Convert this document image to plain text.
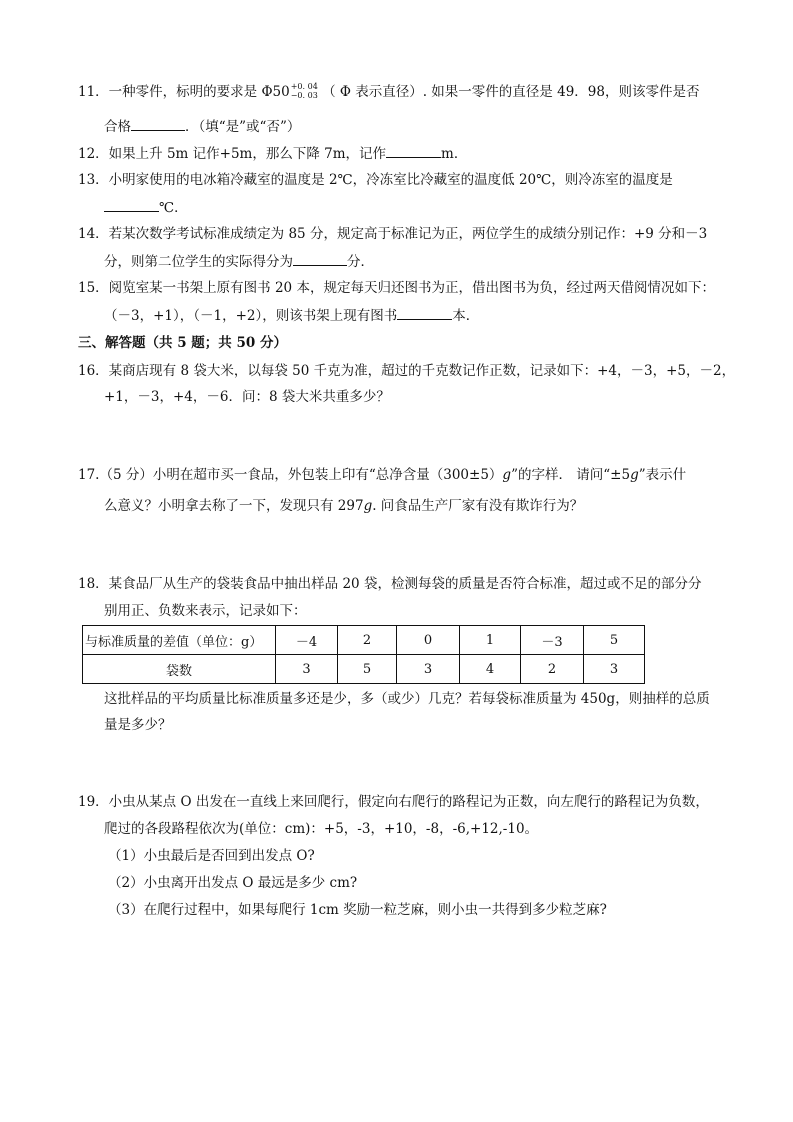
11．一种零件，标明的要求是 Φ50 +0. 04
−0. 03 （ Φ 表示直径）. 如果一零件的直径是 49．98，则该零件是否
合格	．（填“是”或“否”）
12．如果上升 5m 记作+5m，那么下降 7m，记作	m．
13．小明家使用的电冰箱冷藏室的温度是 2℃，冷冻室比冷藏室的温度低 20℃，则冷冻室的温度是
℃．
14．若某次数学考试标准成绩定为 85 分，规定高于标准记为正，两位学生的成绩分别记作：+9 分和－3
分，则第二位学生的实际得分为	分．
15．阅览室某一书架上原有图书 20 本，规定每天归还图书为正，借出图书为负，经过两天借阅情况如下：
（－3，+1），（－1，+2），则该书架上现有图书	本．
三、解答题（共 5 题；共 50 分）
16．某商店现有 8 袋大米，以每袋 50 千克为准，超过的千克数记作正数，记录如下：+4，－3，+5，－2，
+1，－3，+4，－6．问：8 袋大米共重多少？
17.（5 分）小明在超市买一食品，外包装上印有“总净含量（300±5）g”的字样． 请问“±5g”表示什
么意义？小明拿去称了一下，发现只有 297g. 问食品生产厂家有没有欺诈行为？
18．某食品厂从生产的袋装食品中抽出样品 20 袋，检测每袋的质量是否符合标准，超过或不足的部分分
别用正、负数来表示，记录如下：
与标准质量的差值（单位：g）	－4	2	0	1	－3	5
袋数	3	5	3	4	2	3
这批样品的平均质量比标准质量多还是少，多（或少）几克？若每袋标准质量为 450g，则抽样的总质
量是多少？
19．小虫从某点 O 出发在一直线上来回爬行，假定向右爬行的路程记为正数，向左爬行的路程记为负数，
爬过的各段路程依次为(单位：cm)：+5，-3，+10，-8，-6,+12,-10。
（1）小虫最后是否回到出发点 O?
（2）小虫离开出发点 O 最远是多少 cm?
（3）在爬行过程中，如果每爬行 1cm 奖励一粒芝麻，则小虫一共得到多少粒芝麻?
